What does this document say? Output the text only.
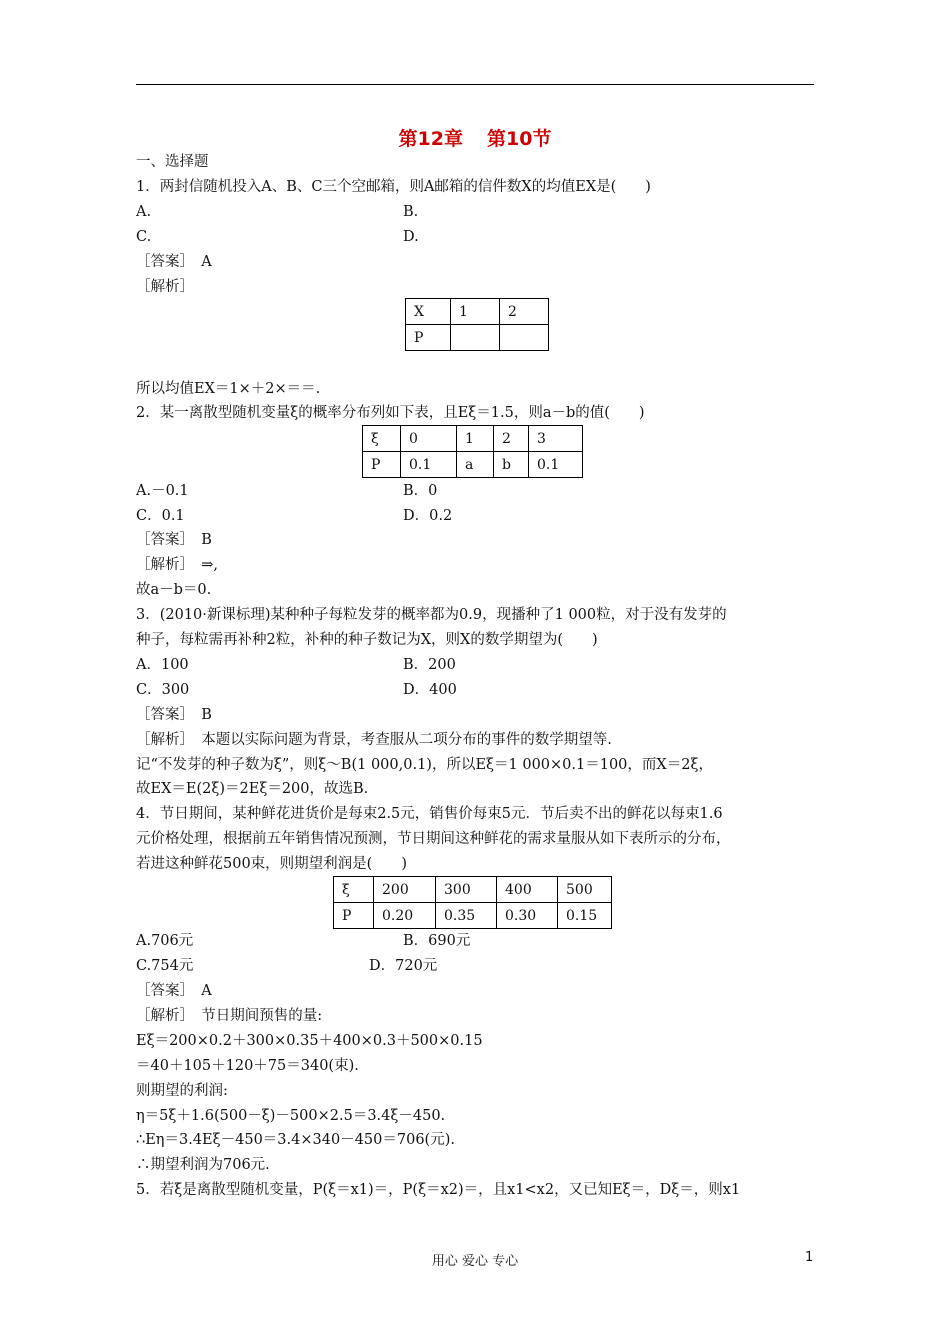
第12章 第10节
一、选择题
1．两封信随机投入A、B、C三个空邮箱，则A邮箱的信件数X的均值EX是(　　)
A.	B.
C.	D.
［答案］　A
［解析］
X	1	2
P		
所以均值EX＝1×＋2×＝＝.
2．某一离散型随机变量ξ的概率分布列如下表，且Eξ＝1.5，则a－b的值(　　)
ξ	0	1	2	3
P	0.1	a	b	0.1
A.－0.1	B．0
C．0.1	D．0.2
［答案］　B
［解析］　⇒,
故a－b＝0.
3．(2010·新课标理)某种种子每粒发芽的概率都为0.9，现播种了1 000粒，对于没有发芽的
种子，每粒需再补种2粒，补种的种子数记为X，则X的数学期望为(　　)
A．100	B．200
C．300	D．400
［答案］　B
［解析］　本题以实际问题为背景，考查服从二项分布的事件的数学期望等.
记“不发芽的种子数为ξ”，则ξ～B(1 000,0.1)，所以Eξ＝1 000×0.1＝100，而X＝2ξ，
故EX＝E(2ξ)＝2Eξ＝200，故选B.
4．节日期间，某种鲜花进货价是每束2.5元，销售价每束5元．节后卖不出的鲜花以每束1.6
元价格处理，根据前五年销售情况预测，节日期间这种鲜花的需求量服从如下表所示的分布，
若进这种鲜花500束，则期望利润是(　　)
ξ	200	300	400	500
P	0.20	0.35	0.30	0.15
A.706元	B．690元
C.754元	D．720元
［答案］　A
［解析］　节日期间预售的量:
Eξ＝200×0.2＋300×0.35＋400×0.3＋500×0.15
＝40＋105＋120＋75＝340(束).
则期望的利润:
η＝5ξ＋1.6(500－ξ)－500×2.5＝3.4ξ－450.
∴Eη＝3.4Eξ－450＝3.4×340－450＝706(元).
∴期望利润为706元.
5．若ξ是离散型随机变量，P(ξ＝x1)＝，P(ξ＝x2)＝，且x1<x2，又已知Eξ＝，Dξ＝，则x1
用心 爱心 专心	1
